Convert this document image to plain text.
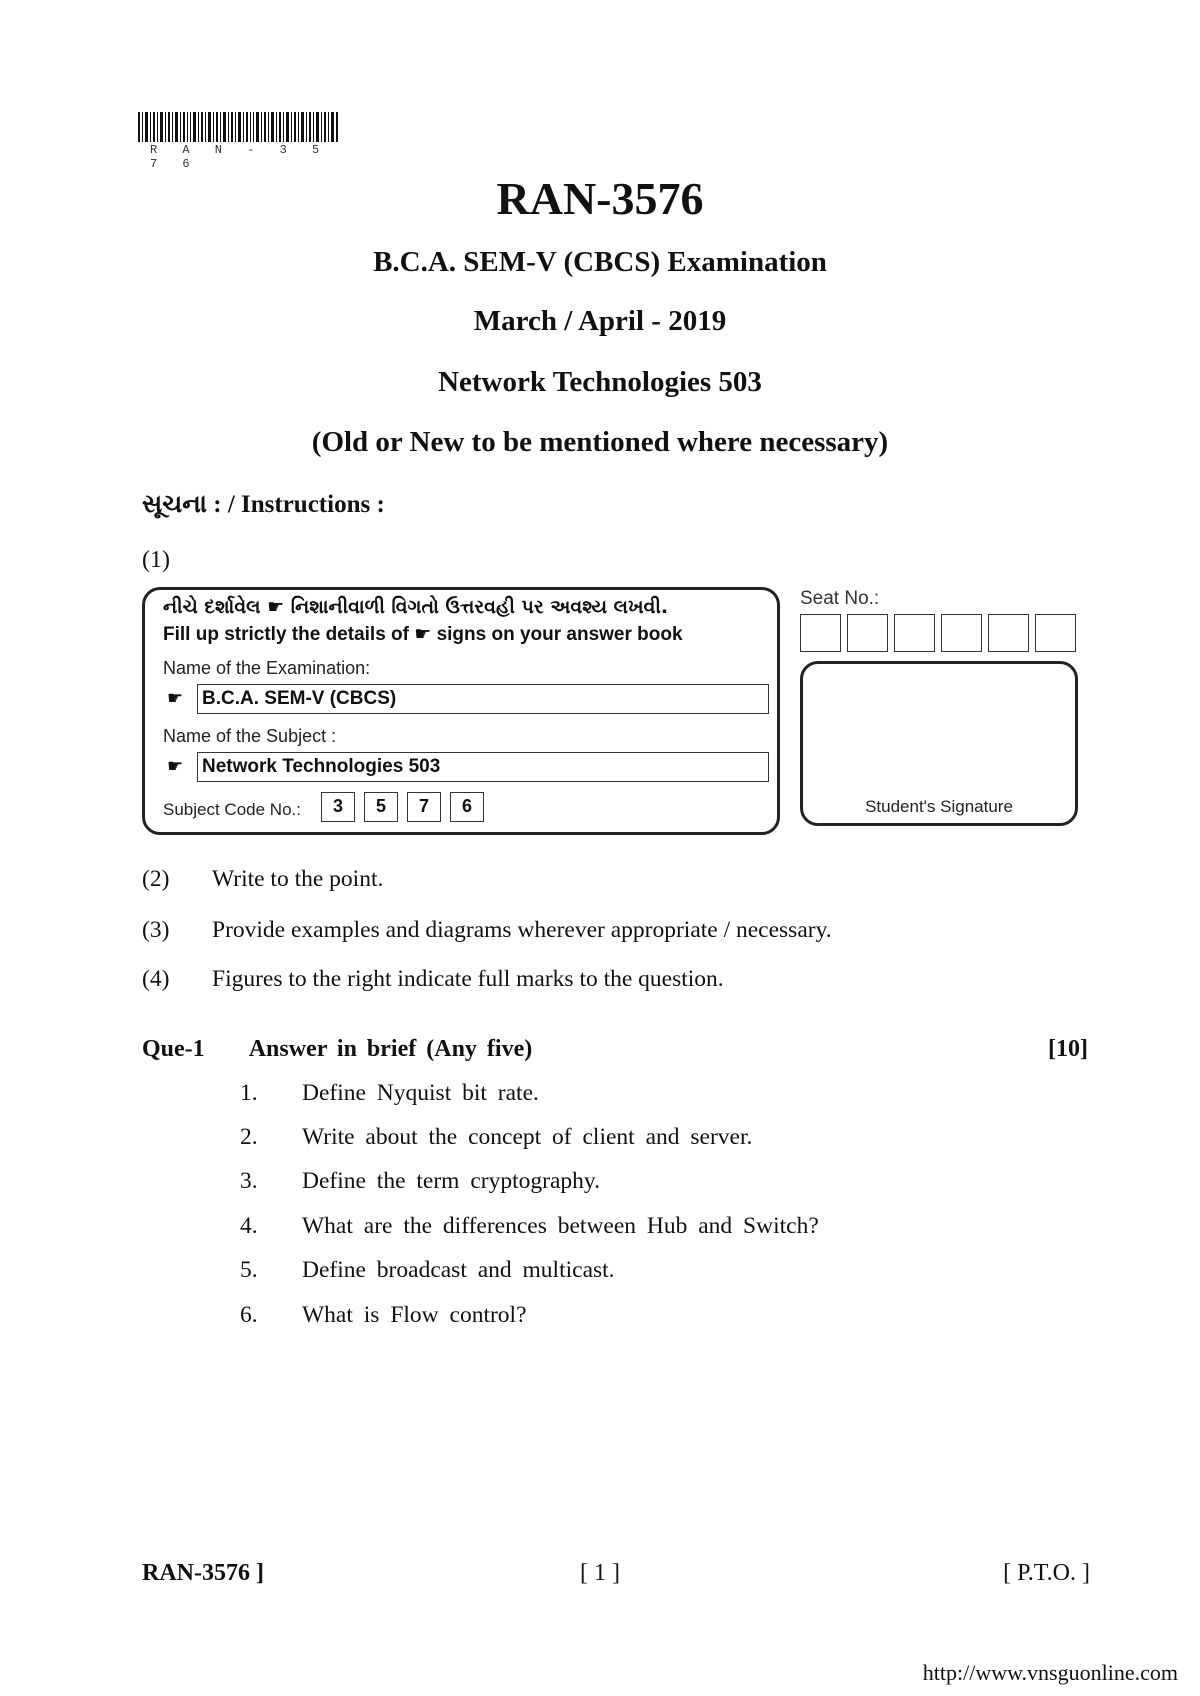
R A N - 3 5 7 6
RAN-3576
B.C.A. SEM-V (CBCS) Examination
March / April - 2019
Network Technologies 503
(Old or New to be mentioned where necessary)
સૂચના : / Instructions :
(1)
નીચે દર્શાવેલ ☛ નિશાનીવાળી વિગતો ઉત્તરવહી પર અવશ્ય લખવી.
Fill up strictly the details of ☛ signs on your answer book
Name of the Examination:
☛ B.C.A. SEM-V (CBCS)
Name of the Subject :
☛ Network Technologies 503
Subject Code No.:	3	5	7	6
Seat No.:
Student's Signature
(2)	Write to the point.
(3)	Provide examples and diagrams wherever appropriate / necessary.
(4)	Figures to the right indicate full marks to the question.
Que-1 Answer in brief (Any five)	[10]
1.	Define Nyquist bit rate.
2.	Write about the concept of client and server.
3.	Define the term cryptography.
4.	What are the differences between Hub and Switch?
5.	Define broadcast and multicast.
6.	What is Flow control?
[ 1 ]
RAN-3576 ]	[ P.T.O. ]
http://www.vnsguonline.com
